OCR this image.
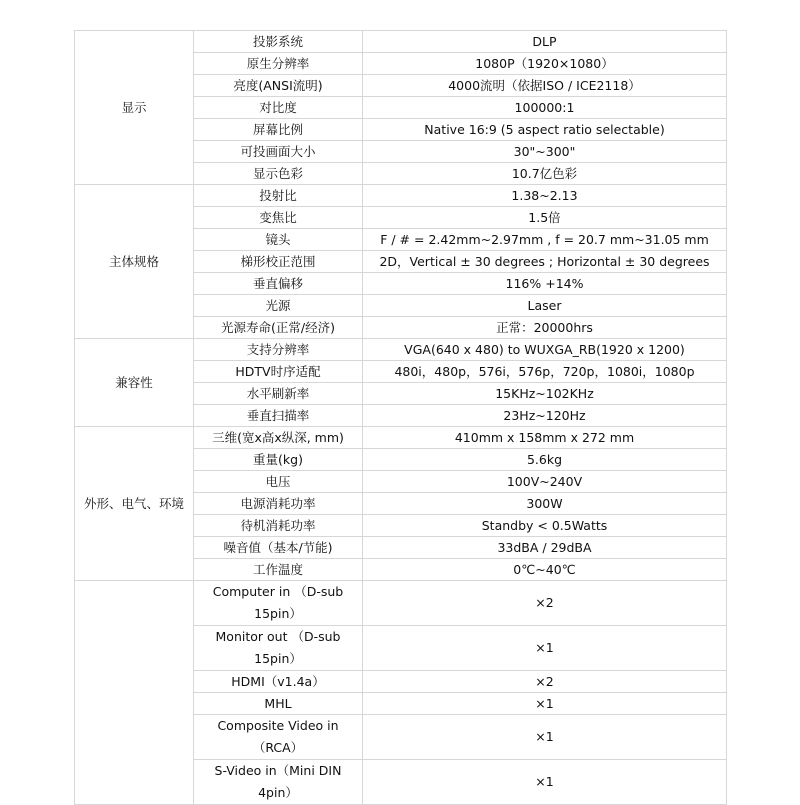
显示	投影系统	DLP
	原生分辨率	1080P（1920×1080）
	亮度(ANSI流明)	4000流明（依据ISO / ICE2118）
	对比度	100000:1
	屏幕比例	Native 16:9 (5 aspect ratio selectable)
	可投画面大小	30"~300"
	显示色彩	10.7亿色彩
主体规格	投射比	1.38~2.13
	变焦比	1.5倍
	镜头	F / # = 2.42mm~2.97mm , f = 20.7 mm~31.05 mm
	梯形校正范围	2D，Vertical ± 30 degrees ; Horizontal ± 30 degrees
	垂直偏移	116% +14%
	光源	Laser
	光源寿命(正常/经济)	正常：20000hrs
兼容性	支持分辨率	VGA(640 x 480) to WUXGA_RB(1920 x 1200)
	HDTV时序适配	480i，480p，576i，576p，720p，1080i，1080p
	水平刷新率	15KHz~102KHz
	垂直扫描率	23Hz~120Hz
外形、电气、环境	三维(宽x高x纵深, mm)	410mm x 158mm x 272 mm
	重量(kg)	5.6kg
	电压	100V~240V
	电源消耗功率	300W
	待机消耗功率	Standby < 0.5Watts
	噪音值（基本/节能)	33dBA / 29dBA
	工作温度	0℃~40℃
	Computer in （D-sub 15pin）	×2
	Monitor out （D-sub 15pin）	×1
	HDMI（v1.4a）	×2
	MHL	×1
	Composite Video in （RCA）	×1
	S-Video in（Mini DIN 4pin）	×1
